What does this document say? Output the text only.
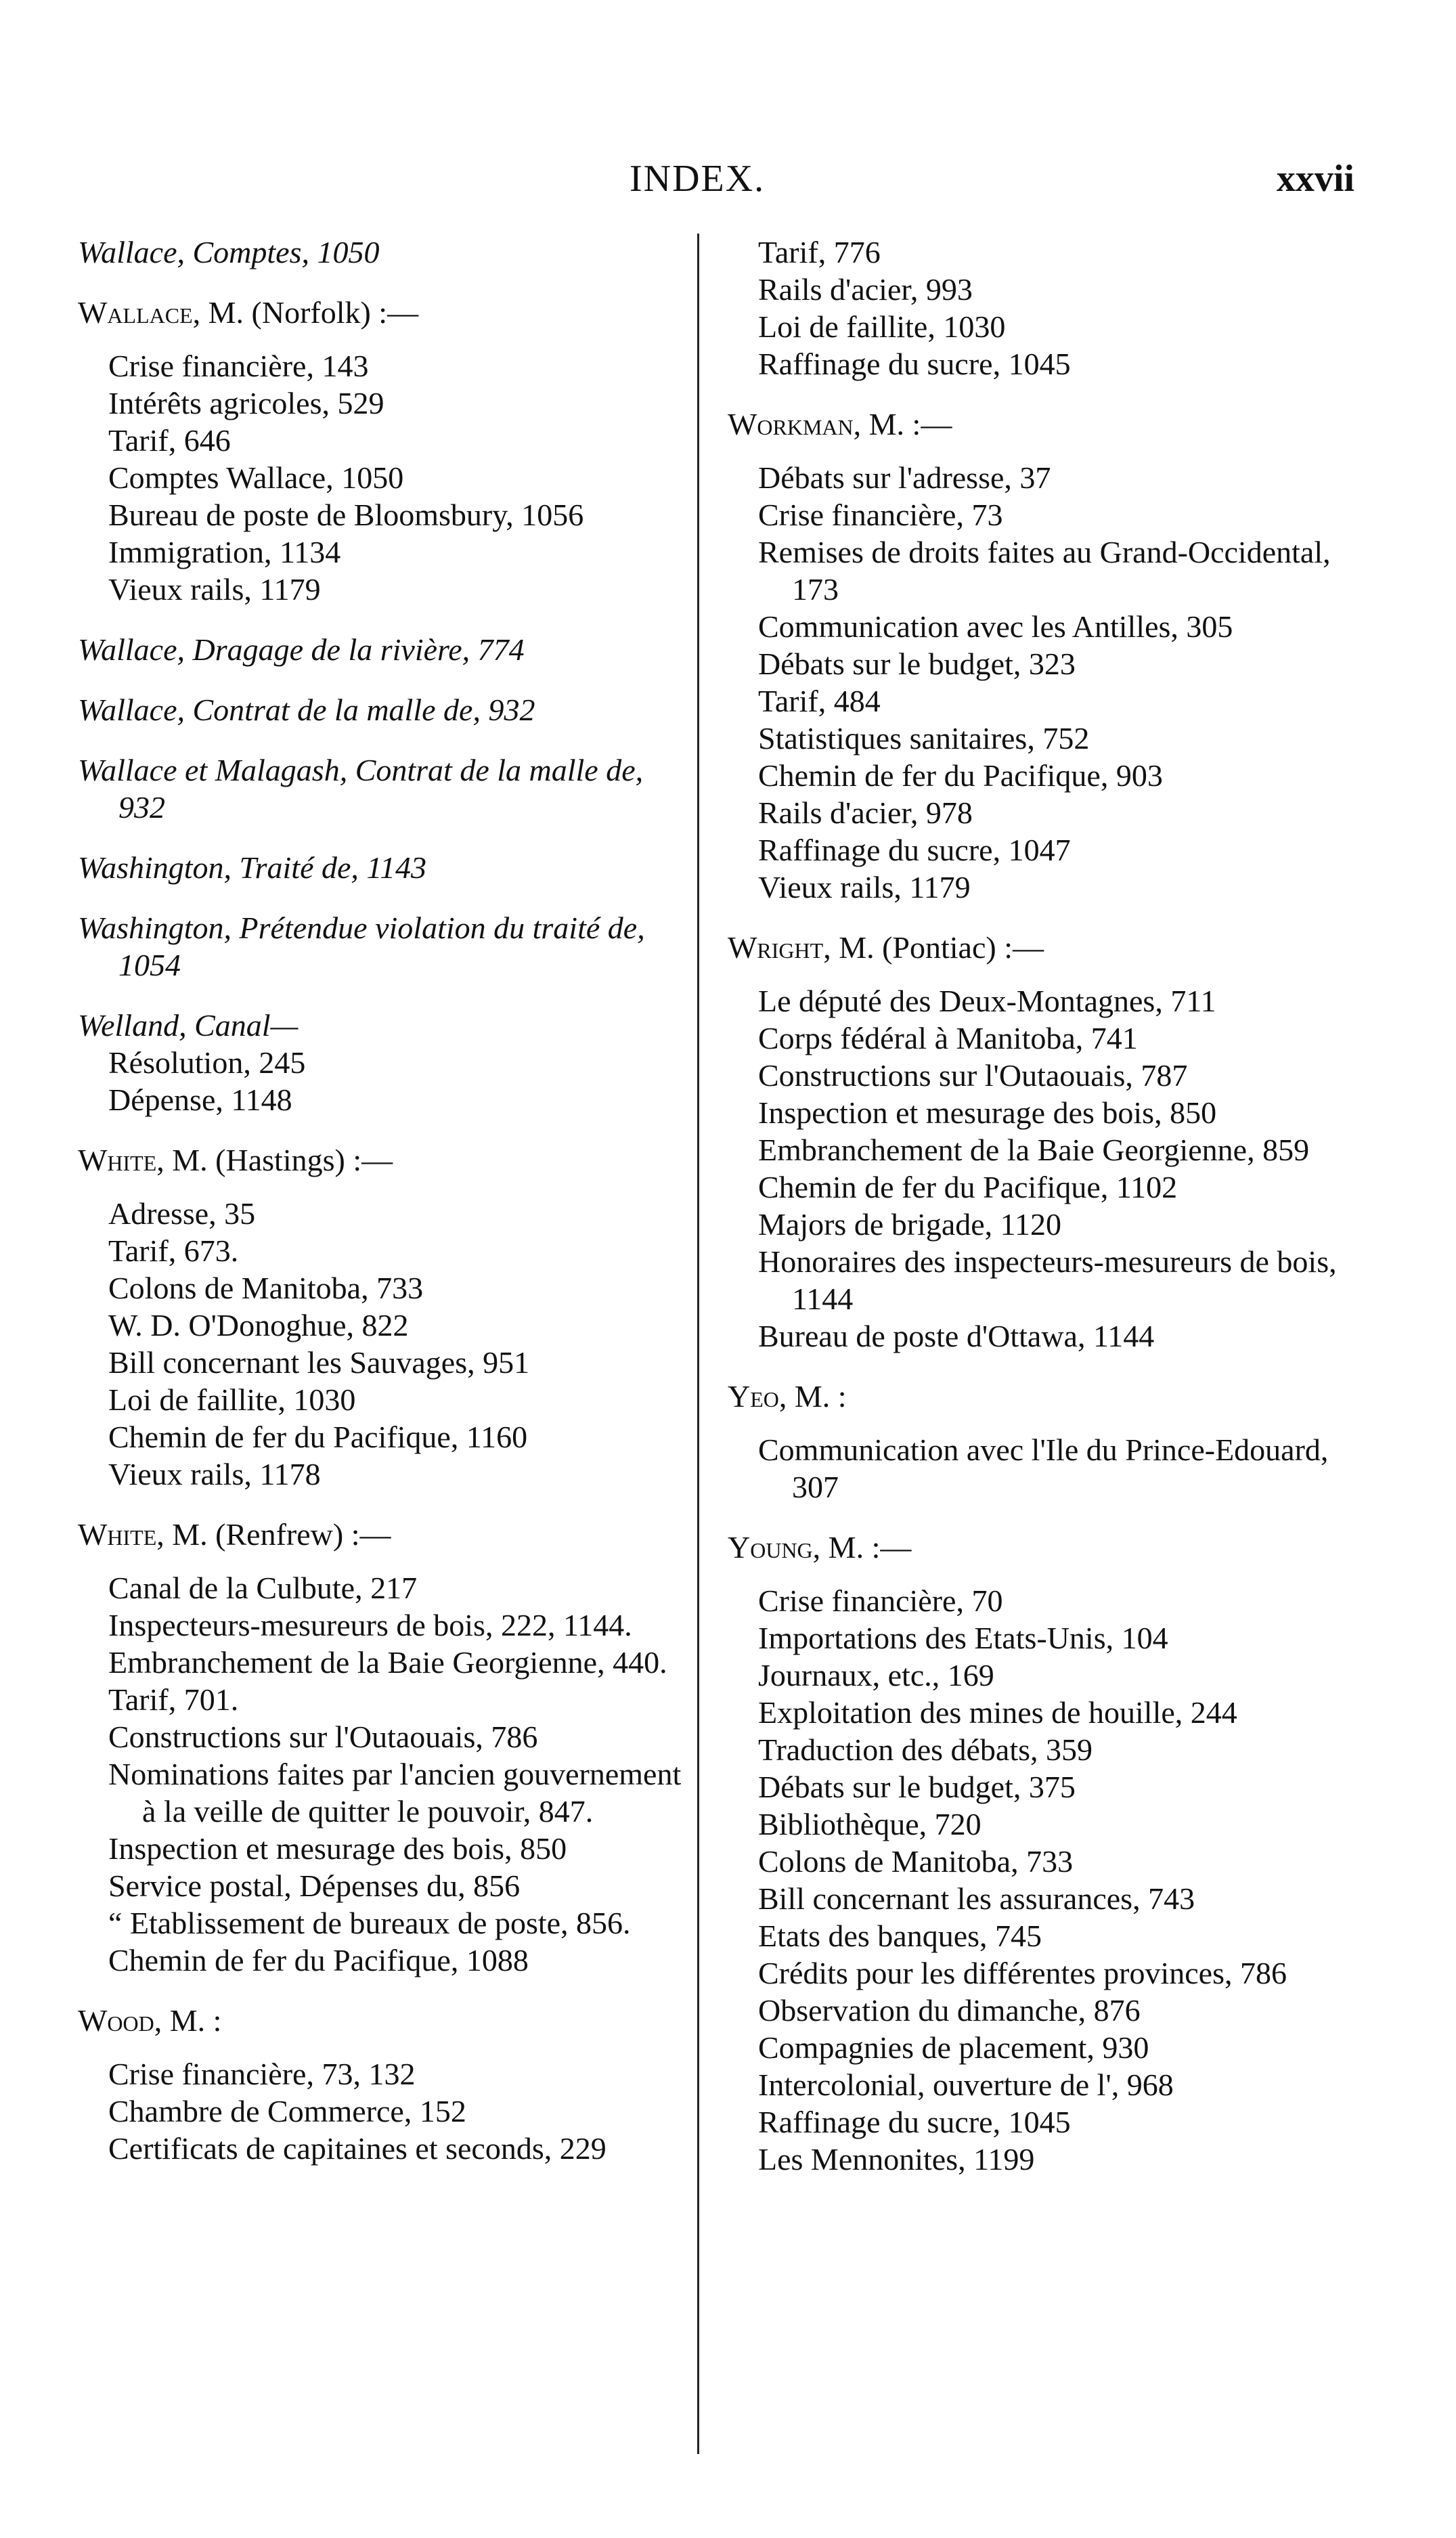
INDEX.	xxvii
Wallace, Comptes, 1050
Wallace, M. (Norfolk) :—
Crise financière, 143
Intérêts agricoles, 529
Tarif, 646
Comptes Wallace, 1050
Bureau de poste de Bloomsbury, 1056
Immigration, 1134
Vieux rails, 1179
Wallace, Dragage de la rivière, 774
Wallace, Contrat de la malle de, 932
Wallace et Malagash, Contrat de la malle de, 932
Washington, Traité de, 1143
Washington, Prétendue violation du traité de, 1054
Welland, Canal—
Résolution, 245
Dépense, 1148
White, M. (Hastings) :—
Adresse, 35
Tarif, 673.
Colons de Manitoba, 733
W. D. O'Donoghue, 822
Bill concernant les Sauvages, 951
Loi de faillite, 1030
Chemin de fer du Pacifique, 1160
Vieux rails, 1178
White, M. (Renfrew) :—
Canal de la Culbute, 217
Inspecteurs-mesureurs de bois, 222, 1144.
Embranchement de la Baie Georgienne, 440.
Tarif, 701.
Constructions sur l'Outaouais, 786
Nominations faites par l'ancien gouvernement à la veille de quitter le pouvoir, 847.
Inspection et mesurage des bois, 850
Service postal, Dépenses du, 856
“ Etablissement de bureaux de poste, 856.
Chemin de fer du Pacifique, 1088
Wood, M. :
Crise financière, 73, 132
Chambre de Commerce, 152
Certificats de capitaines et seconds, 229
Tarif, 776
Rails d'acier, 993
Loi de faillite, 1030
Raffinage du sucre, 1045
Workman, M. :—
Débats sur l'adresse, 37
Crise financière, 73
Remises de droits faites au Grand-Occidental, 173
Communication avec les Antilles, 305
Débats sur le budget, 323
Tarif, 484
Statistiques sanitaires, 752
Chemin de fer du Pacifique, 903
Rails d'acier, 978
Raffinage du sucre, 1047
Vieux rails, 1179
Wright, M. (Pontiac) :—
Le député des Deux-Montagnes, 711
Corps fédéral à Manitoba, 741
Constructions sur l'Outaouais, 787
Inspection et mesurage des bois, 850
Embranchement de la Baie Georgienne, 859
Chemin de fer du Pacifique, 1102
Majors de brigade, 1120
Honoraires des inspecteurs-mesureurs de bois, 1144
Bureau de poste d'Ottawa, 1144
Yeo, M. :
Communication avec l'Ile du Prince-Edouard, 307
Young, M. :—
Crise financière, 70
Importations des Etats-Unis, 104
Journaux, etc., 169
Exploitation des mines de houille, 244
Traduction des débats, 359
Débats sur le budget, 375
Bibliothèque, 720
Colons de Manitoba, 733
Bill concernant les assurances, 743
Etats des banques, 745
Crédits pour les différentes provinces, 786
Observation du dimanche, 876
Compagnies de placement, 930
Intercolonial, ouverture de l', 968
Raffinage du sucre, 1045
Les Mennonites, 1199
